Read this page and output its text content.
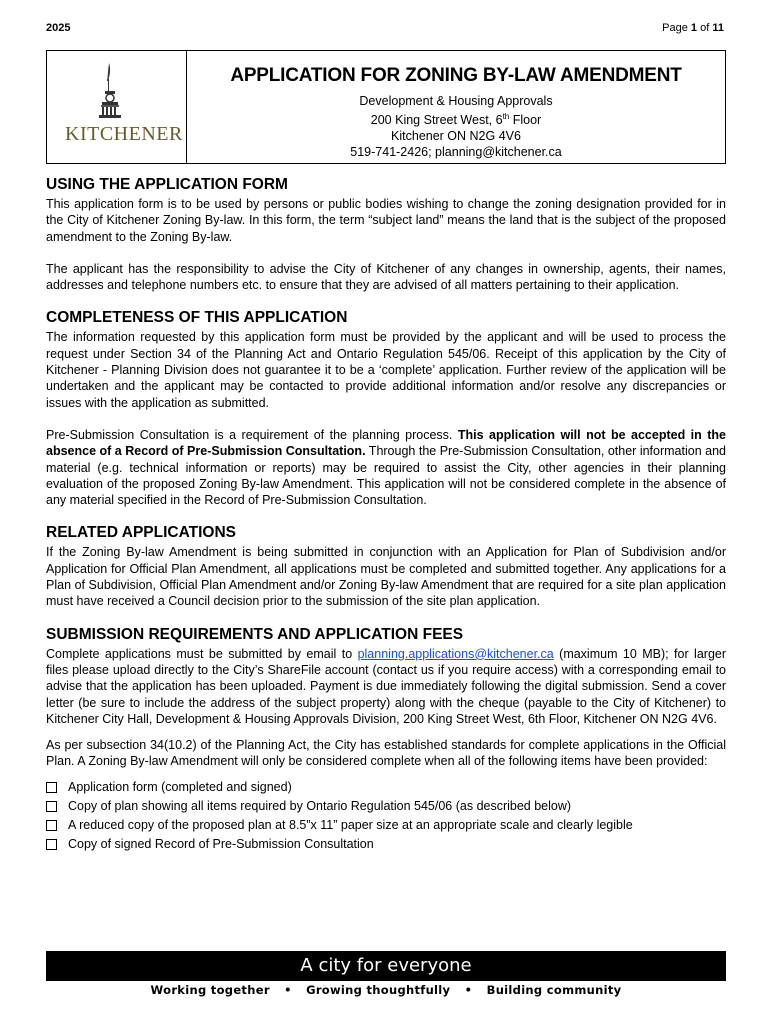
2025	Page 1 of 11
KITCHENER
APPLICATION FOR ZONING BY-LAW AMENDMENT
Development & Housing Approvals
200 King Street West, 6th Floor
Kitchener ON N2G 4V6
519-741-2426; planning@kitchener.ca
USING THE APPLICATION FORM

This application form is to be used by persons or public bodies wishing to change the zoning designation provided for in the City of Kitchener Zoning By-law. In this form, the term “subject land” means the land that is the subject of the proposed amendment to the Zoning By-law.

The applicant has the responsibility to advise the City of Kitchener of any changes in ownership, agents, their names, addresses and telephone numbers etc. to ensure that they are advised of all matters pertaining to their application.

COMPLETENESS OF THIS APPLICATION

The information requested by this application form must be provided by the applicant and will be used to process the request under Section 34 of the Planning Act and Ontario Regulation 545/06. Receipt of this application by the City of Kitchener - Planning Division does not guarantee it to be a ‘complete’ application. Further review of the application will be undertaken and the applicant may be contacted to provide additional information and/or resolve any discrepancies or issues with the application as submitted.

Pre-Submission Consultation is a requirement of the planning process. This application will not be accepted in the absence of a Record of Pre-Submission Consultation. Through the Pre-Submission Consultation, other information and material (e.g. technical information or reports) may be required to assist the City, other agencies in their planning evaluation of the proposed Zoning By-law Amendment. This application will not be considered complete in the absence of any material specified in the Record of Pre-Submission Consultation.

RELATED APPLICATIONS

If the Zoning By-law Amendment is being submitted in conjunction with an Application for Plan of Subdivision and/or Application for Official Plan Amendment, all applications must be completed and submitted together. Any applications for a Plan of Subdivision, Official Plan Amendment and/or Zoning By-law Amendment that are required for a site plan application must have received a Council decision prior to the submission of the site plan application.

SUBMISSION REQUIREMENTS AND APPLICATION FEES

Complete applications must be submitted by email to planning.applications@kitchener.ca (maximum 10 MB); for larger files please upload directly to the City’s ShareFile account (contact us if you require access) with a corresponding email to advise that the application has been uploaded. Payment is due immediately following the digital submission. Send a cover letter (be sure to include the address of the subject property) along with the cheque (payable to the City of Kitchener) to Kitchener City Hall, Development & Housing Approvals Division, 200 King Street West, 6th Floor, Kitchener ON N2G 4V6.

As per subsection 34(10.2) of the Planning Act, the City has established standards for complete applications in the Official Plan. A Zoning By-law Amendment will only be considered complete when all of the following items have been provided:

Application form (completed and signed)
Copy of plan showing all items required by Ontario Regulation 545/06 (as described below)
A reduced copy of the proposed plan at 8.5”x 11” paper size at an appropriate scale and clearly legible
Copy of signed Record of Pre-Submission Consultation
A city for everyone
Working together • Growing thoughtfully • Building community
